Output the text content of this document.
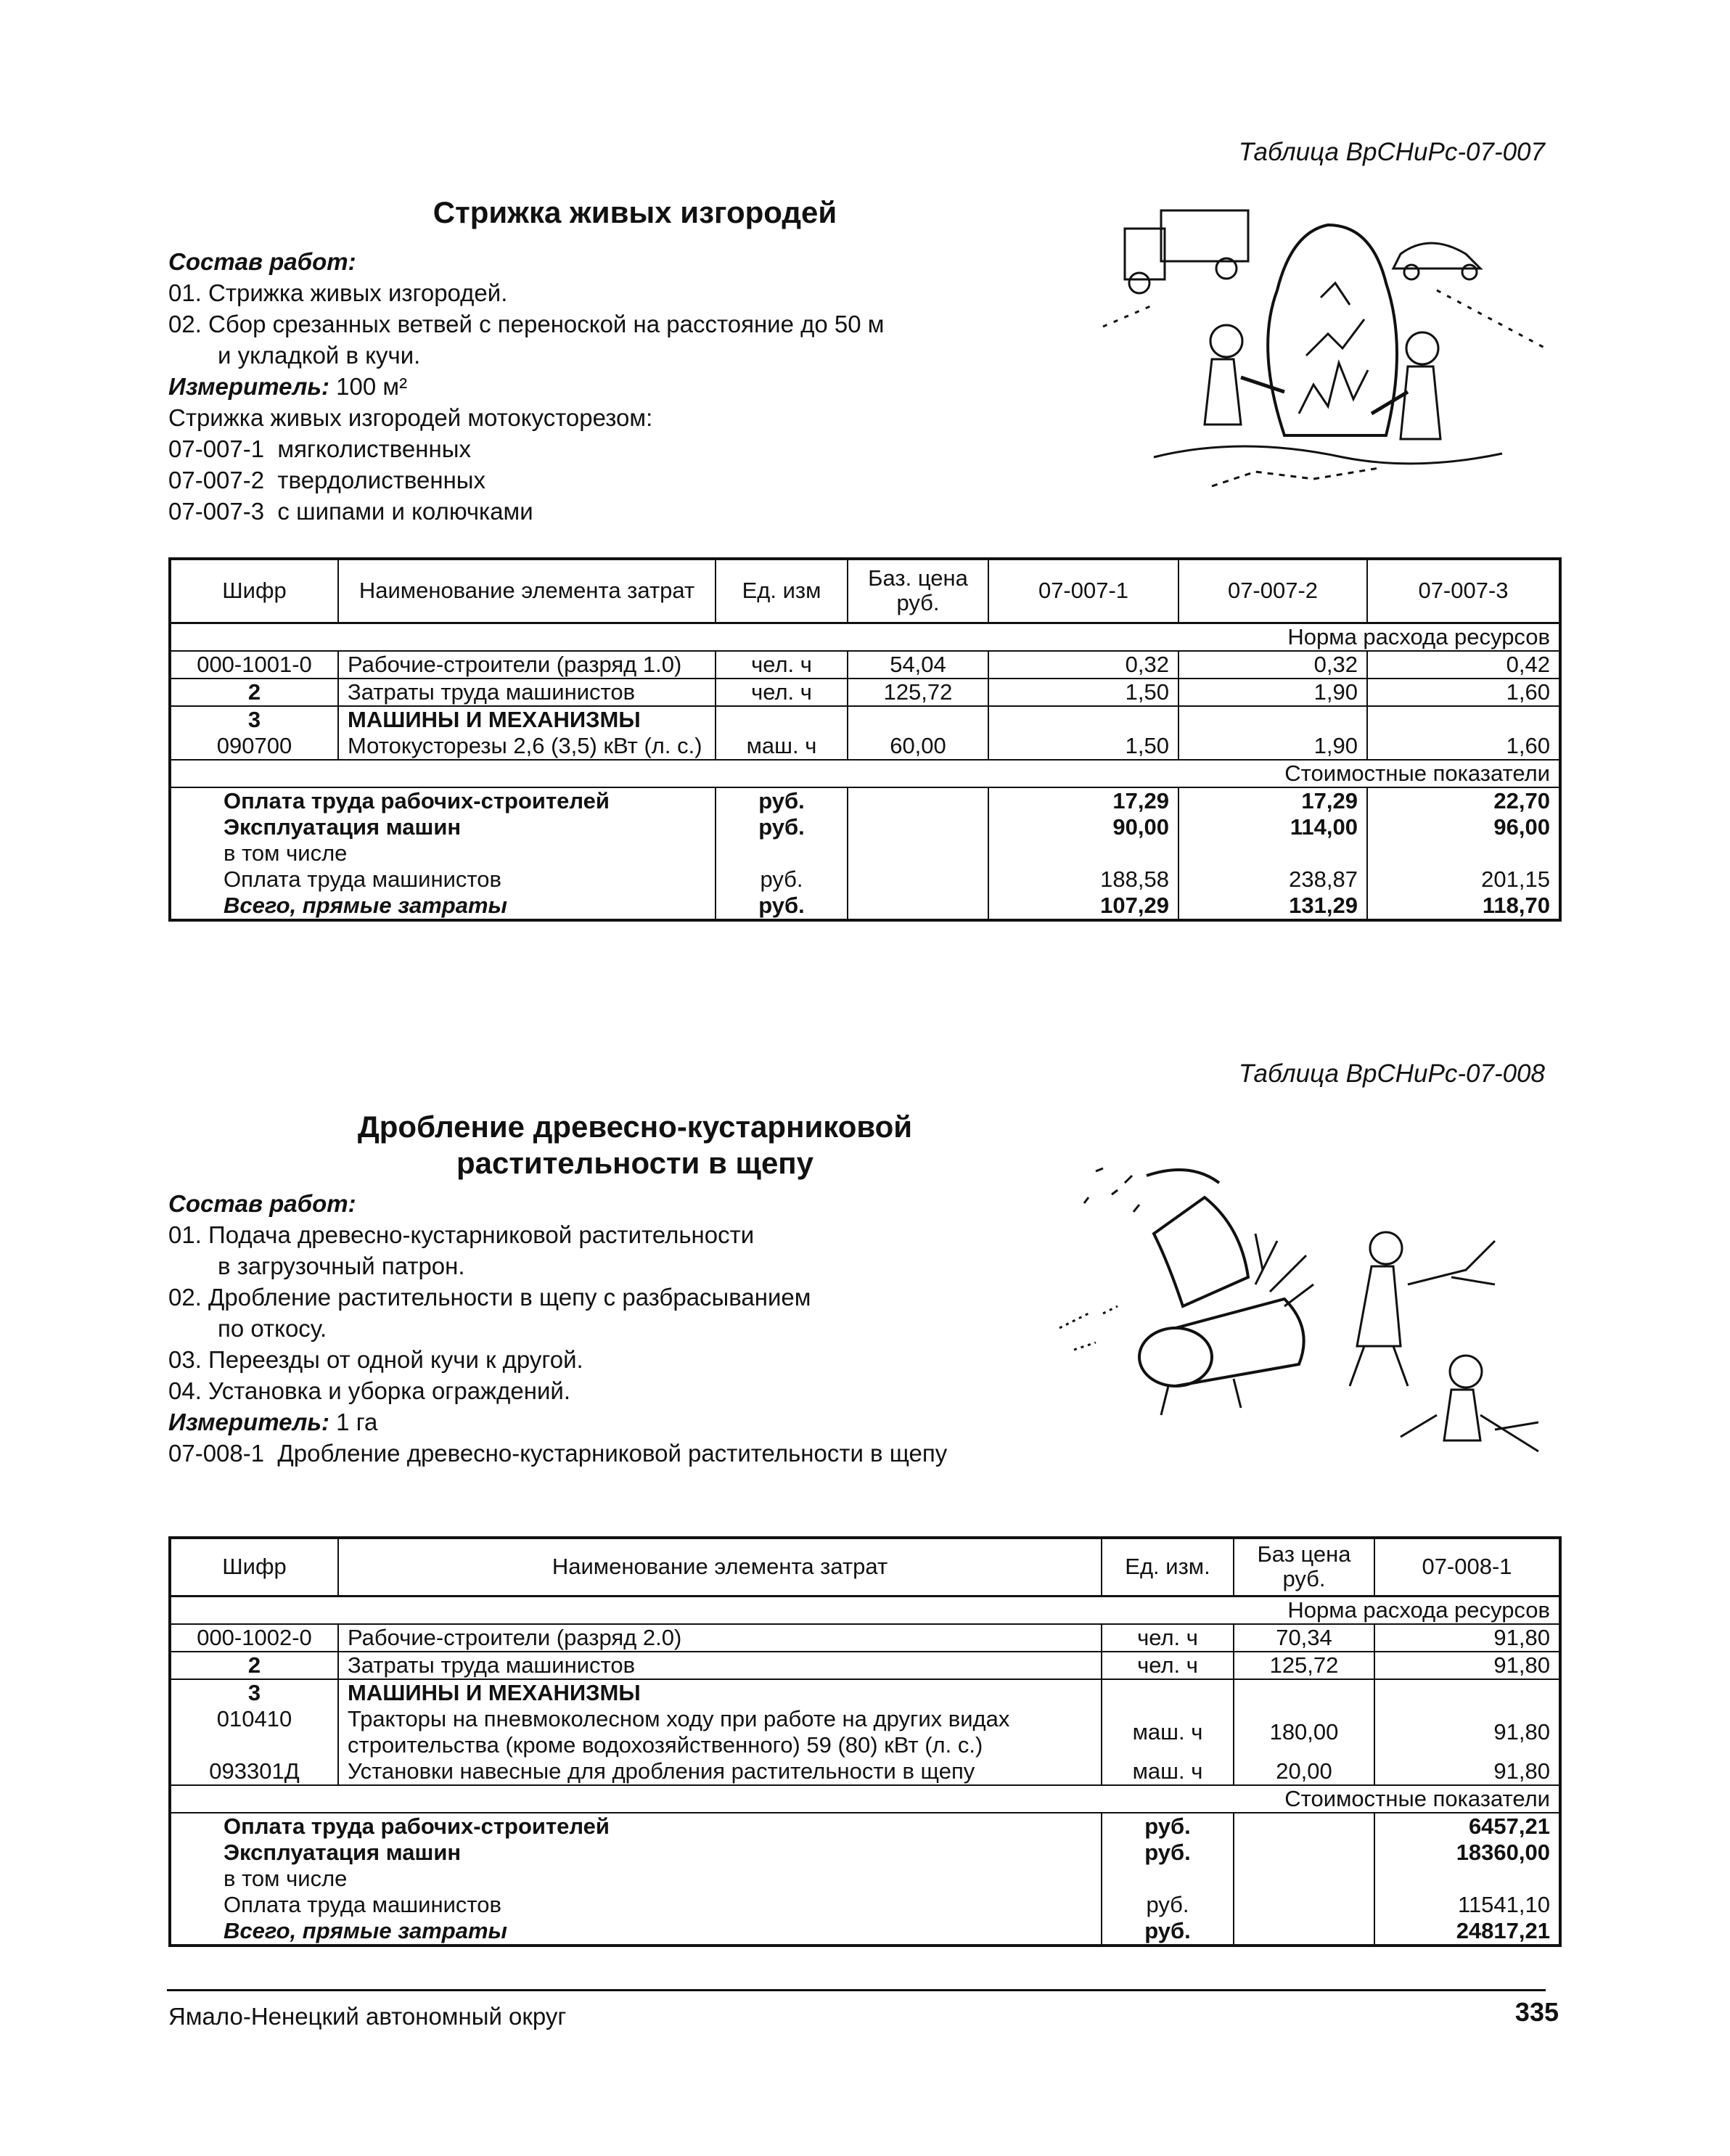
Таблица ВрСНиРс-07-007
Стрижка живых изгородей
Состав работ:
01. Стрижка живых изгородей.
02. Сбор срезанных ветвей с переноской на расстояние до 50 м
и укладкой в кучи.
Измеритель: 100 м²
Стрижка живых изгородей мотокусторезом:
07-007-1  мягколиственных
07-007-2  твердолиственных
07-007-3  с шипами и колючками
Шифр	Наименование элемента затрат	Ед. изм	Баз. цена руб.	07-007-1	07-007-2	07-007-3
Норма расхода ресурсов						
000-1001-0	Рабочие-строители (разряд 1.0)	чел. ч	54,04	0,32	0,32	0,42
2	Затраты труда машинистов	чел. ч	125,72	1,50	1,90	1,60
3	МАШИНЫ И МЕХАНИЗМЫ					
090700	Мотокусторезы 2,6 (3,5) кВт (л. с.)	маш. ч	60,00	1,50	1,90	1,60
Стоимостные показатели						
Оплата труда рабочих-строителей		руб.		17,29	17,29	22,70
Эксплуатация машин		руб.		90,00	114,00	96,00
в том числе						
Оплата труда машинистов		руб.		188,58	238,87	201,15
Всего, прямые затраты		руб.		107,29	131,29	118,70
Таблица ВрСНиРс-07-008
Дробление древесно-кустарниковой
растительности в щепу
Состав работ:
01. Подача древесно-кустарниковой растительности
в загрузочный патрон.
02. Дробление растительности в щепу с разбрасыванием
по откосу.
03. Переезды от одной кучи к другой.
04. Установка и уборка ограждений.
Измеритель: 1 га
07-008-1  Дробление древесно-кустарниковой растительности в щепу
Шифр	Наименование элемента затрат	Ед. изм.	Баз цена руб.	07-008-1
Норма расхода ресурсов				
000-1002-0	Рабочие-строители (разряд 2.0)	чел. ч	70,34	91,80
2	Затраты труда машинистов	чел. ч	125,72	91,80
3	МАШИНЫ И МЕХАНИЗМЫ			
010410	Тракторы на пневмоколесном ходу при работе на других видах строительства (кроме водохозяйственного) 59 (80) кВт (л. с.)	маш. ч	180,00	91,80
093301Д	Установки навесные для дробления растительности в щепу	маш. ч	20,00	91,80
Стоимостные показатели				
Оплата труда рабочих-строителей		руб.		6457,21
Эксплуатация машин		руб.		18360,00
в том числе				
Оплата труда машинистов		руб.		11541,10
Всего, прямые затраты		руб.		24817,21
Ямало-Ненецкий автономный округ	335
